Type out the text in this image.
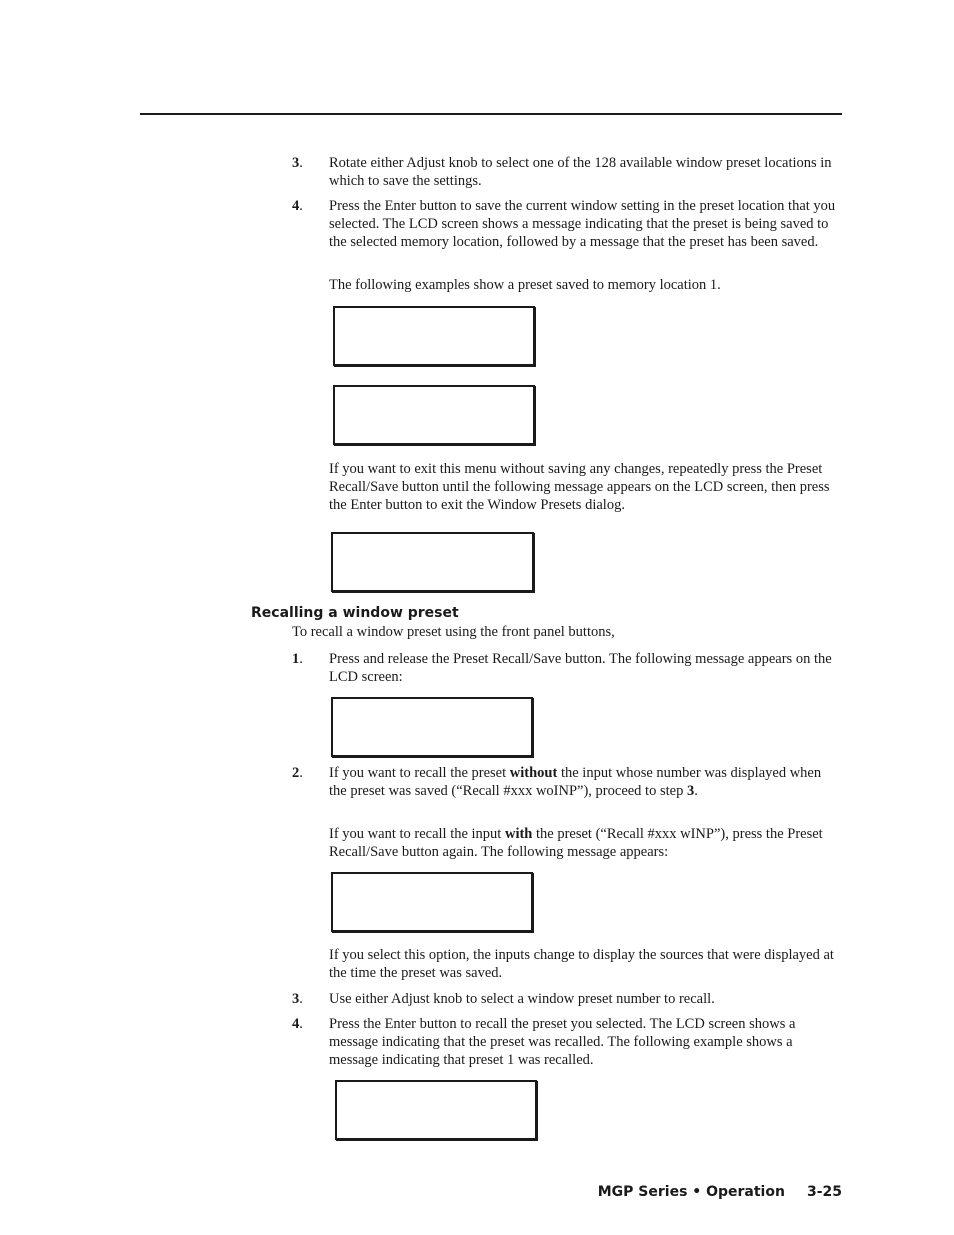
3. Rotate either Adjust knob to select one of the 128 available window preset locations in which to save the settings.

4. Press the Enter button to save the current window setting in the preset location that you selected. The LCD screen shows a message indicating that the preset is being saved to the selected memory location, followed by a message that the preset has been saved.

The following examples show a preset saved to memory location 1.

If you want to exit this menu without saving any changes, repeatedly press the Preset Recall/Save button until the following message appears on the LCD screen, then press the Enter button to exit the Window Presets dialog.

Recalling a window preset
To recall a window preset using the front panel buttons,
1. Press and release the Preset Recall/Save button. The following message appears on the LCD screen:

2. If you want to recall the preset without the input whose number was displayed when the preset was saved (“Recall #xxx woINP”), proceed to step 3.

If you want to recall the input with the preset (“Recall #xxx wINP”), press the Preset Recall/Save button again. The following message appears:

If you select this option, the inputs change to display the sources that were displayed at the time the preset was saved.

3. Use either Adjust knob to select a window preset number to recall.

4. Press the Enter button to recall the preset you selected. The LCD screen shows a message indicating that the preset was recalled. The following example shows a message indicating that preset 1 was recalled.

MGP Series • Operation 3-25
